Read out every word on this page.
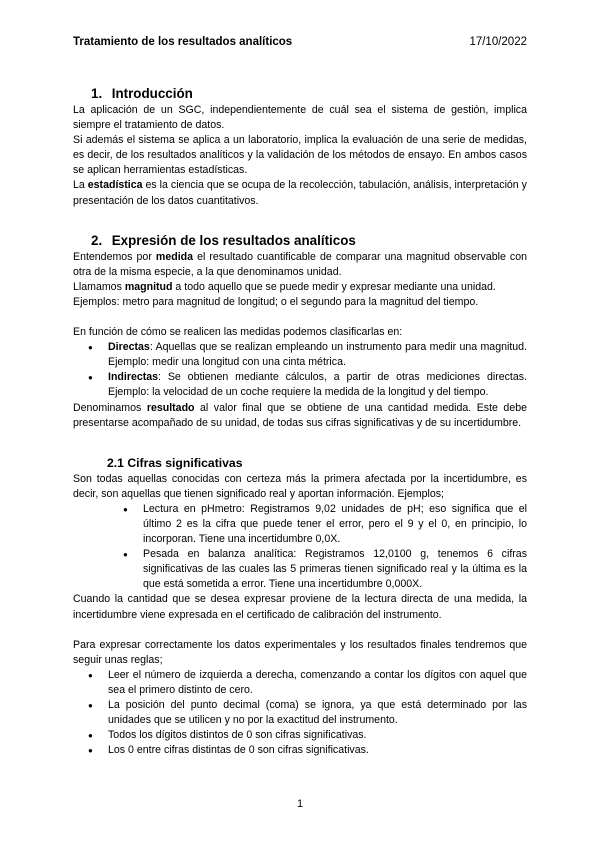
Tratamiento de los resultados analíticos	17/10/2022
1. Introducción

La aplicación de un SGC, independientemente de cuál sea el sistema de gestión, implica siempre el tratamiento de datos.

Si además el sistema se aplica a un laboratorio, implica la evaluación de una serie de medidas, es decir, de los resultados analíticos y la validación de los métodos de ensayo. En ambos casos se aplican herramientas estadísticas.

La estadística es la ciencia que se ocupa de la recolección, tabulación, análisis, interpretación y presentación de los datos cuantitativos.

2. Expresión de los resultados analíticos

Entendemos por medida el resultado cuantificable de comparar una magnitud observable con otra de la misma especie, a la que denominamos unidad.

Llamamos magnitud a todo aquello que se puede medir y expresar mediante una unidad.

Ejemplos: metro para magnitud de longitud; o el segundo para la magnitud del tiempo.

En función de cómo se realicen las medidas podemos clasificarlas en:

● Directas: Aquellas que se realizan empleando un instrumento para medir una magnitud. Ejemplo: medir una longitud con una cinta métrica.
● Indirectas: Se obtienen mediante cálculos, a partir de otras mediciones directas. Ejemplo: la velocidad de un coche requiere la medida de la longitud y del tiempo.

Denominamos resultado al valor final que se obtiene de una cantidad medida. Este debe presentarse acompañado de su unidad, de todas sus cifras significativas y de su incertidumbre.

2.1 Cifras significativas

Son todas aquellas conocidas con certeza más la primera afectada por la incertidumbre, es decir, son aquellas que tienen significado real y aportan información. Ejemplos;

● Lectura en pHmetro: Registramos 9,02 unidades de pH; eso significa que el último 2 es la cifra que puede tener el error, pero el 9 y el 0, en principio, lo incorporan. Tiene una incertidumbre 0,0X.
● Pesada en balanza analítica: Registramos 12,0100 g, tenemos 6 cifras significativas de las cuales las 5 primeras tienen significado real y la última es la que está sometida a error. Tiene una incertidumbre 0,000X.

Cuando la cantidad que se desea expresar proviene de la lectura directa de una medida, la incertidumbre viene expresada en el certificado de calibración del instrumento.

Para expresar correctamente los datos experimentales y los resultados finales tendremos que seguir unas reglas;

● Leer el número de izquierda a derecha, comenzando a contar los dígitos con aquel que sea el primero distinto de cero.
● La posición del punto decimal (coma) se ignora, ya que está determinado por las unidades que se utilicen y no por la exactitud del instrumento.
● Todos los dígitos distintos de 0 son cifras significativas.
● Los 0 entre cifras distintas de 0 son cifras significativas.
1
